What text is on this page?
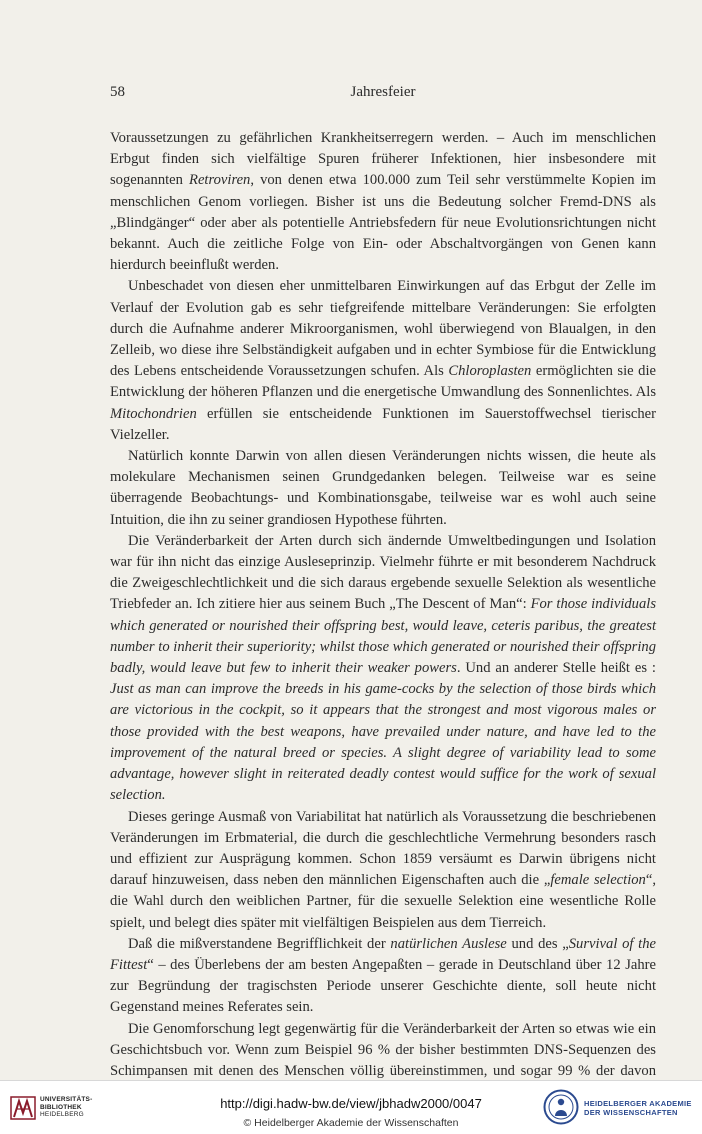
58	Jahresfeier

Voraussetzungen zu gefährlichen Krankheitserregern werden. – Auch im menschlichen Erbgut finden sich vielfältige Spuren früherer Infektionen, hier insbesondere mit sogenannten Retroviren, von denen etwa 100.000 zum Teil sehr verstümmelte Kopien im menschlichen Genom vorliegen. Bisher ist uns die Bedeutung solcher Fremd-DNS als „Blindgänger“ oder aber als potentielle Antriebsfedern für neue Evolutionsrichtungen nicht bekannt. Auch die zeitliche Folge von Ein- oder Abschaltvorgängen von Genen kann hierdurch beeinflußt werden.

Unbeschadet von diesen eher unmittelbaren Einwirkungen auf das Erbgut der Zelle im Verlauf der Evolution gab es sehr tiefgreifende mittelbare Veränderungen: Sie erfolgten durch die Aufnahme anderer Mikroorganismen, wohl überwiegend von Blaualgen, in den Zelleib, wo diese ihre Selbständigkeit aufgaben und in echter Symbiose für die Entwicklung des Lebens entscheidende Voraussetzungen schufen. Als Chloroplasten ermöglichten sie die Entwicklung der höheren Pflanzen und die energetische Umwandlung des Sonnenlichtes. Als Mitochondrien erfüllen sie entscheidende Funktionen im Sauerstoffwechsel tierischer Vielzeller.

Natürlich konnte Darwin von allen diesen Veränderungen nichts wissen, die heute als molekulare Mechanismen seinen Grundgedanken belegen. Teilweise war es seine überragende Beobachtungs- und Kombinationsgabe, teilweise war es wohl auch seine Intuition, die ihn zu seiner grandiosen Hypothese führten.

Die Veränderbarkeit der Arten durch sich ändernde Umweltbedingungen und Isolation war für ihn nicht das einzige Ausleseprinzip. Vielmehr führte er mit besonderem Nachdruck die Zweigeschlechtlichkeit und die sich daraus ergebende sexuelle Selektion als wesentliche Triebfeder an. Ich zitiere hier aus seinem Buch „The Descent of Man“: For those individuals which generated or nourished their offspring best, would leave, ceteris paribus, the greatest number to inherit their superiority; whilst those which generated or nourished their offspring badly, would leave but few to inherit their weaker powers. Und an anderer Stelle heißt es : Just as man can improve the breeds in his game-cocks by the selection of those birds which are victorious in the cockpit, so it appears that the strongest and most vigorous males or those provided with the best weapons, have prevailed under nature, and have led to the improvement of the natural breed or species. A slight degree of variability lead to some advantage, however slight in reiterated deadly contest would suffice for the work of sexual selection.

Dieses geringe Ausmaß von Variabilitat hat natürlich als Voraussetzung die beschriebenen Veränderungen im Erbmaterial, die durch die geschlechtliche Vermehrung besonders rasch und effizient zur Ausprägung kommen. Schon 1859 versäumt es Darwin übrigens nicht darauf hinzuweisen, dass neben den männlichen Eigenschaften auch die „female selection“, die Wahl durch den weiblichen Partner, für die sexuelle Selektion eine wesentliche Rolle spielt, und belegt dies später mit vielfältigen Beispielen aus dem Tierreich.

Daß die mißverstandene Begrifflichkeit der natürlichen Auslese und des „Survival of the Fittest“ – des Überlebens der am besten Angepaßten – gerade in Deutschland über 12 Jahre zur Begründung der tragischsten Periode unserer Geschichte diente, soll heute nicht Gegenstand meines Referates sein.

Die Genomforschung legt gegenwärtig für die Veränderbarkeit der Arten so etwas wie ein Geschichtsbuch vor. Wenn zum Beispiel 96 % der bisher bestimmten DNS-Sequenzen des Schimpansen mit denen des Menschen völlig übereinstimmen, und sogar 99 % der davon

UNIVERSITÄTS-
BIBLIOTHEK
HEIDELBERG
http://digi.hadw-bw.de/view/jbhadw2000/0047
© Heidelberger Akademie der Wissenschaften
HEIDELBERGER AKADEMIE
DER WISSENSCHAFTEN
